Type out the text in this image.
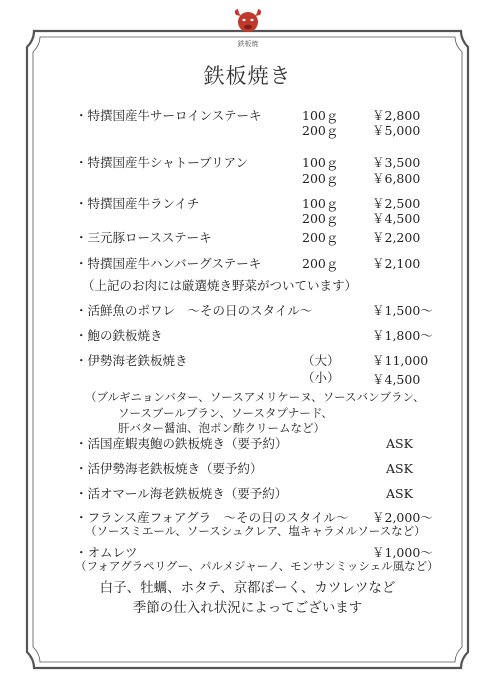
鉄板焼
鉄板焼き
・特撰国産牛サーロインステーキ	100ｇ	￥2,800
200ｇ	￥5,000
・特撰国産牛シャトーブリアン	100ｇ	￥3,500
200ｇ	￥6,800
・特撰国産牛ランイチ	100ｇ	￥2,500
200ｇ	￥4,500
・三元豚ロースステーキ	200ｇ	￥2,200
・特撰国産牛ハンバーグステーキ	200ｇ	￥2,100
（上記のお肉には厳選焼き野菜がついています）
・活鮮魚のポワレ　～その日のスタイル～	￥1,500～
・鮑の鉄板焼き	￥1,800～
・伊勢海老鉄板焼き	（大）	￥11,000
（小）	￥4,500
（ブルギニョンバター、ソースアメリケーヌ、ソースバンブラン、
ソースブールブラン、ソースタプナード、
肝バター醤油、泡ポン酢クリームなど）
・活国産蝦夷鮑の鉄板焼き（要予約）	ASK
・活伊勢海老鉄板焼き（要予約）	ASK
・活オマール海老鉄板焼き（要予約）	ASK
・フランス産フォアグラ　～その日のスタイル～ ￥2,000～
（ソースミエール、ソースシュクレア、塩キャラメルソースなど）
・オムレツ	￥1,000～
（フォアグラペリグー、パルメジャーノ、モンサンミッシェル風など）
白子、牡蠣、ホタテ、京都ぽーく、カツレツなど
季節の仕入れ状況によってございます
